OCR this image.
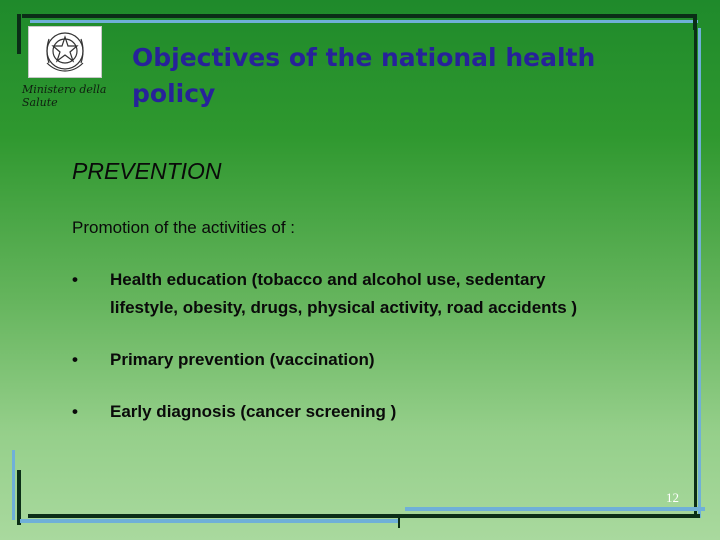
Ministero della Salute
Objectives of the national health policy
PREVENTION
Promotion of the activities of :
•	Health education (tobacco and alcohol use, sedentary lifestyle, obesity, drugs, physical activity, road accidents )
•	Primary prevention (vaccination)
•	Early diagnosis (cancer screening )
12
